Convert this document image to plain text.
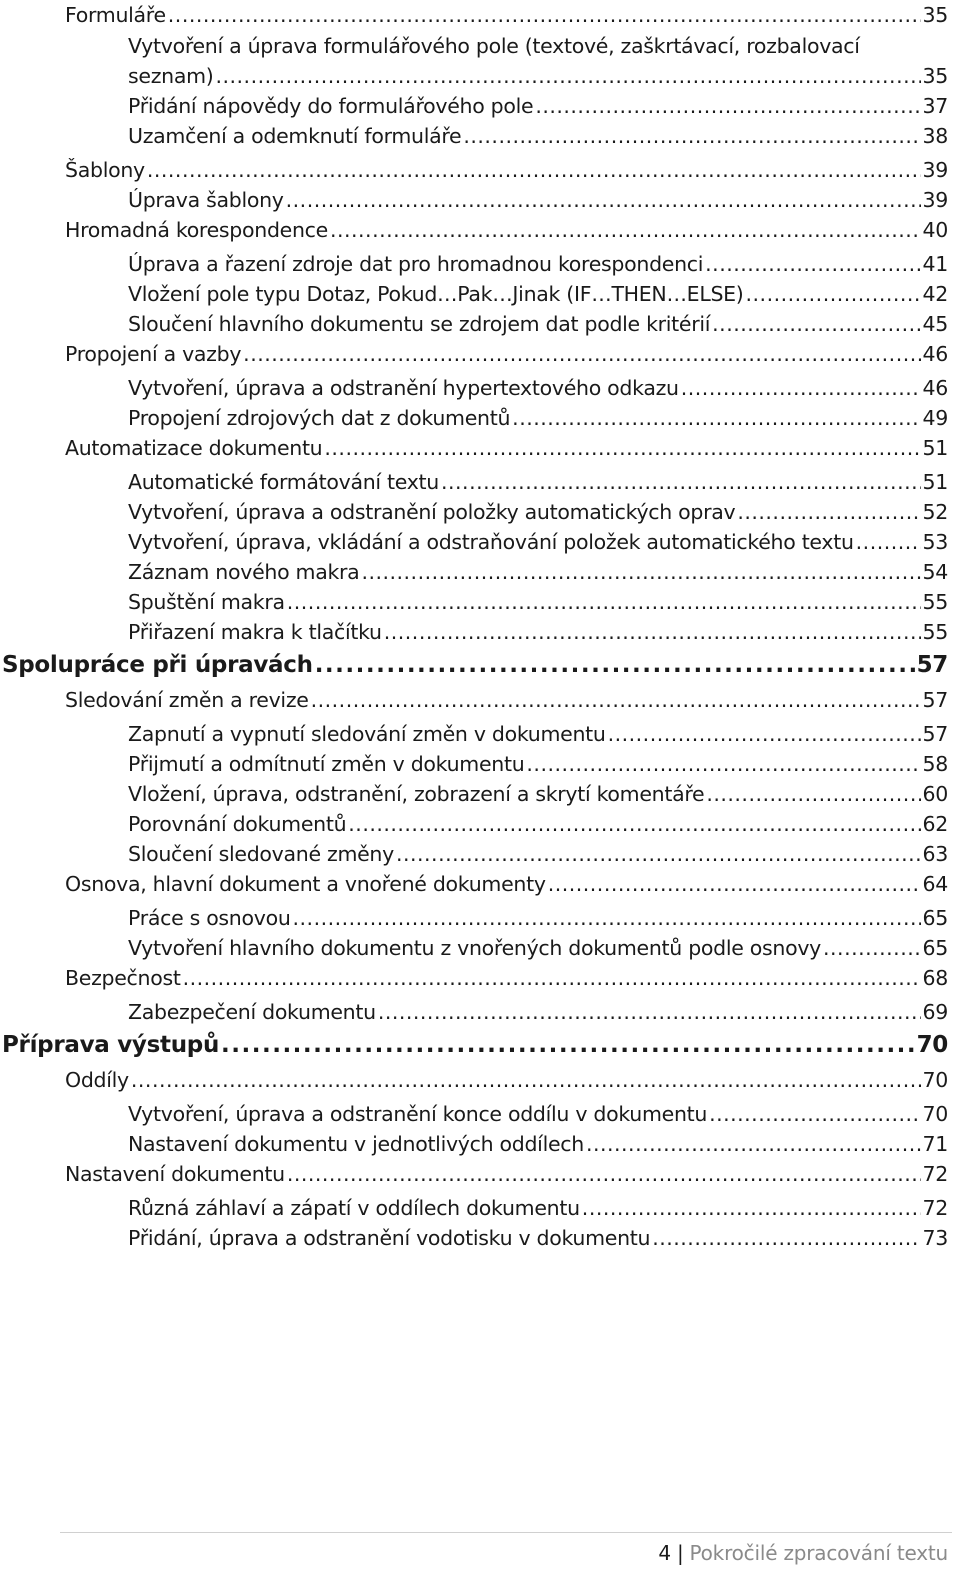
Formuláře .....	35
Vytvoření a úprava formulářového pole (textové, zaškrtávací, rozbalovací
seznam) .....	35
Přidání nápovědy do formulářového pole .....	37
Uzamčení a odemknutí formuláře .....	38
Šablony .....	39
Úprava šablony .....	39
Hromadná korespondence .....	40
Úprava a řazení zdroje dat pro hromadnou korespondenci .....	41
Vložení pole typu Dotaz, Pokud…Pak…Jinak (IF…THEN…ELSE) .....	42
Sloučení hlavního dokumentu se zdrojem dat podle kritérií .....	45
Propojení a vazby .....	46
Vytvoření, úprava a odstranění hypertextového odkazu .....	46
Propojení zdrojových dat z dokumentů .....	49
Automatizace dokumentu .....	51
Automatické formátování textu .....	51
Vytvoření, úprava a odstranění položky automatických oprav .....	52
Vytvoření, úprava, vkládání a odstraňování položek automatického textu .....	53
Záznam nového makra .....	54
Spuštění makra .....	55
Přiřazení makra k tlačítku .....	55
Spolupráce při úpravách .....	57
Sledování změn a revize .....	57
Zapnutí a vypnutí sledování změn v dokumentu .....	57
Přijmutí a odmítnutí změn v dokumentu .....	58
Vložení, úprava, odstranění, zobrazení a skrytí komentáře .....	60
Porovnání dokumentů .....	62
Sloučení sledované změny .....	63
Osnova, hlavní dokument a vnořené dokumenty .....	64
Práce s osnovou .....	65
Vytvoření hlavního dokumentu z vnořených dokumentů podle osnovy .....	65
Bezpečnost .....	68
Zabezpečení dokumentu .....	69
Příprava výstupů .....	70
Oddíly .....	70
Vytvoření, úprava a odstranění konce oddílu v dokumentu .....	70
Nastavení dokumentu v jednotlivých oddílech .....	71
Nastavení dokumentu .....	72
Různá záhlaví a zápatí v oddílech dokumentu .....	72
Přidání, úprava a odstranění vodotisku v dokumentu .....	73
4 | Pokročilé zpracování textu
